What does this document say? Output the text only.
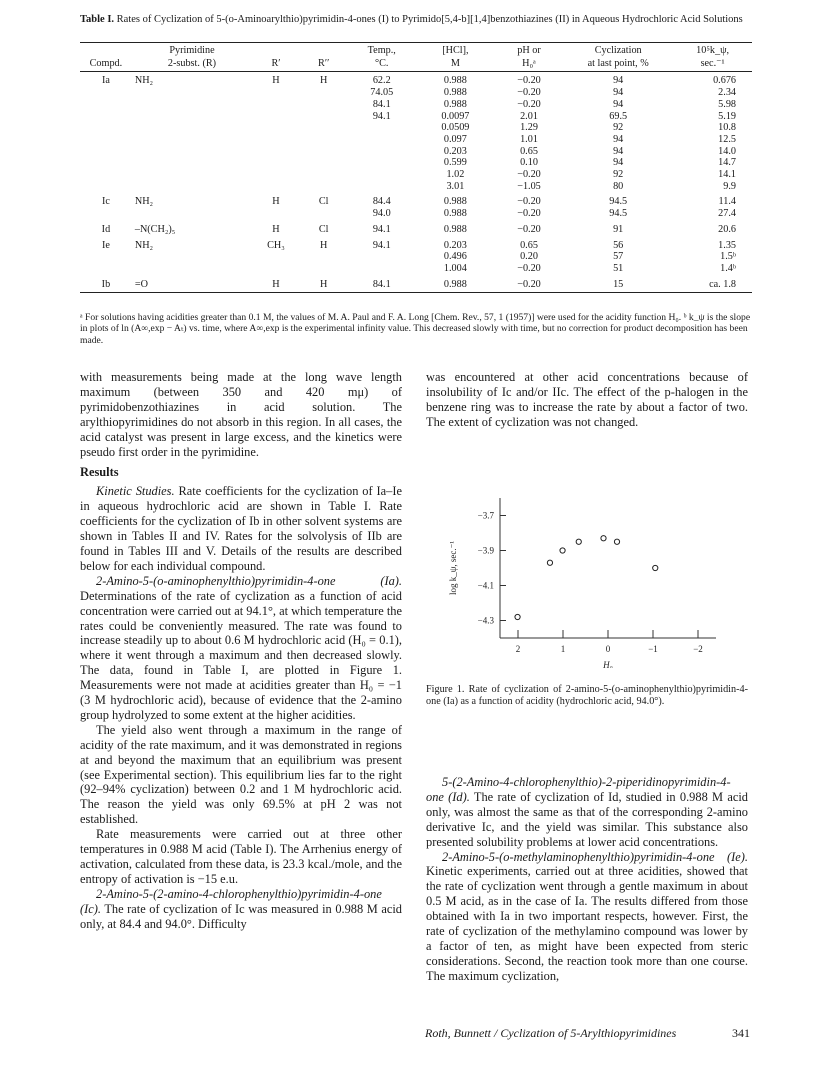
Table I. Rates of Cyclization of 5-(o-Aminoarylthio)pyrimidin-4-ones (I) to Pyrimido[5,4-b][1,4]benzothiazines (II) in Aqueous Hydrochloric Acid Solutions
	Pyrimidine			Temp.,	[HCl],	pH or	Cyclization	10⁵k_ψ,
Compd.	2-subst. (R)	R′	R′′	°C.	M	H₀ᵃ	at last point, %	sec.⁻¹
Ia	NH₂	H	H	62.2	0.988	−0.20	94	0.676
				74.05	0.988	−0.20	94	2.34
				84.1	0.988	−0.20	94	5.98
				94.1	0.0097	2.01	69.5	5.19
					0.0509	1.29	92	10.8
					0.097	1.01	94	12.5
					0.203	0.65	94	14.0
					0.599	0.10	94	14.7
					1.02	−0.20	92	14.1
					3.01	−1.05	80	9.9
Ic	NH₂	H	Cl	84.4	0.988	−0.20	94.5	11.4
				94.0	0.988	−0.20	94.5	27.4
Id	–N(CH₂)₅	H	Cl	94.1	0.988	−0.20	91	20.6
Ie	NH₂	CH₃	H	94.1	0.203	0.65	56	1.35
					0.496	0.20	57	1.5ᵇ
					1.004	−0.20	51	1.4ᵇ
Ib	=O	H	H	84.1	0.988	−0.20	15	ca. 1.8
ᵃ For solutions having acidities greater than 0.1 M, the values of M. A. Paul and F. A. Long [Chem. Rev., 57, 1 (1957)] were used for the acidity function H₀. ᵇ k_ψ is the slope in plots of ln (A∞,exp − Aₜ) vs. time, where A∞,exp is the experimental infinity value. This decreased slowly with time, but no correction for product decomposition has been made.

with measurements being made at the long wave length maximum (between 350 and 420 mμ) of pyrimidobenzothiazines in acid solution. The arylthiopyrimidines do not absorb in this region. In all cases, the acid catalyst was present in large excess, and the kinetics were pseudo first order in the pyrimidine.

Results

Kinetic Studies. Rate coefficients for the cyclization of Ia–Ie in aqueous hydrochloric acid are shown in Table I. Rate coefficients for the cyclization of Ib in other solvent systems are shown in Tables II and IV. Rates for the solvolysis of IIb are found in Tables III and V. Details of the results are described below for each individual compound.

2-Amino-5-(o-aminophenylthio)pyrimidin-4-one (Ia). Determinations of the rate of cyclization as a function of acid concentration were carried out at 94.1°, at which temperature the rates could be conveniently measured. The rate was found to increase steadily up to about 0.6 M hydrochloric acid (H₀ = 0.1), where it went through a maximum and then decreased slowly. The data, found in Table I, are plotted in Figure 1. Measurements were not made at acidities greater than H₀ = −1 (3 M hydrochloric acid), because of evidence that the 2-amino group hydrolyzed to some extent at the higher acidities.

The yield also went through a maximum in the range of acidity of the rate maximum, and it was demonstrated in regions at and beyond the maximum that an equilibrium was present (see Experimental section). This equilibrium lies far to the right (92–94% cyclization) between 0.2 and 1 M hydrochloric acid. The reason the yield was only 69.5% at pH 2 was not established.

Rate measurements were carried out at three other temperatures in 0.988 M acid (Table I). The Arrhenius energy of activation, calculated from these data, is 23.3 kcal./mole, and the entropy of activation is −15 e.u.

2-Amino-5-(2-amino-4-chlorophenylthio)pyrimidin-4-one (Ic). The rate of cyclization of Ic was measured in 0.988 M acid only, at 84.4 and 94.0°. Difficulty

was encountered at other acid concentrations because of insolubility of Ic and/or IIc. The effect of the p-halogen in the benzene ring was to increase the rate by about a factor of two. The extent of cyclization was not changed.

−3.7
−3.9
−4.1
−4.3
2	1	0	−1	−2
H₀
log k_ψ, sec.⁻¹
Figure 1. Rate of cyclization of 2-amino-5-(o-aminophenylthio)pyrimidin-4-one (Ia) as a function of acidity (hydrochloric acid, 94.0°).

5-(2-Amino-4-chlorophenylthio)-2-piperidinopyrimidin-4-one (Id). The rate of cyclization of Id, studied in 0.988 M acid only, was almost the same as that of the corresponding 2-amino derivative Ic, and the yield was similar. This substance also presented solubility problems at lower acid concentrations.

2-Amino-5-(o-methylaminophenylthio)pyrimidin-4-one (Ie). Kinetic experiments, carried out at three acidities, showed that the rate of cyclization went through a gentle maximum in about 0.5 M acid, as in the case of Ia. The results differed from those obtained with Ia in two important respects, however. First, the rate of cyclization of the methylamino compound was lower by a factor of ten, as might have been expected from steric considerations. Second, the reaction took more than one course. The maximum cyclization,

Roth, Bunnett / Cyclization of 5-Arylthiopyrimidines	341
